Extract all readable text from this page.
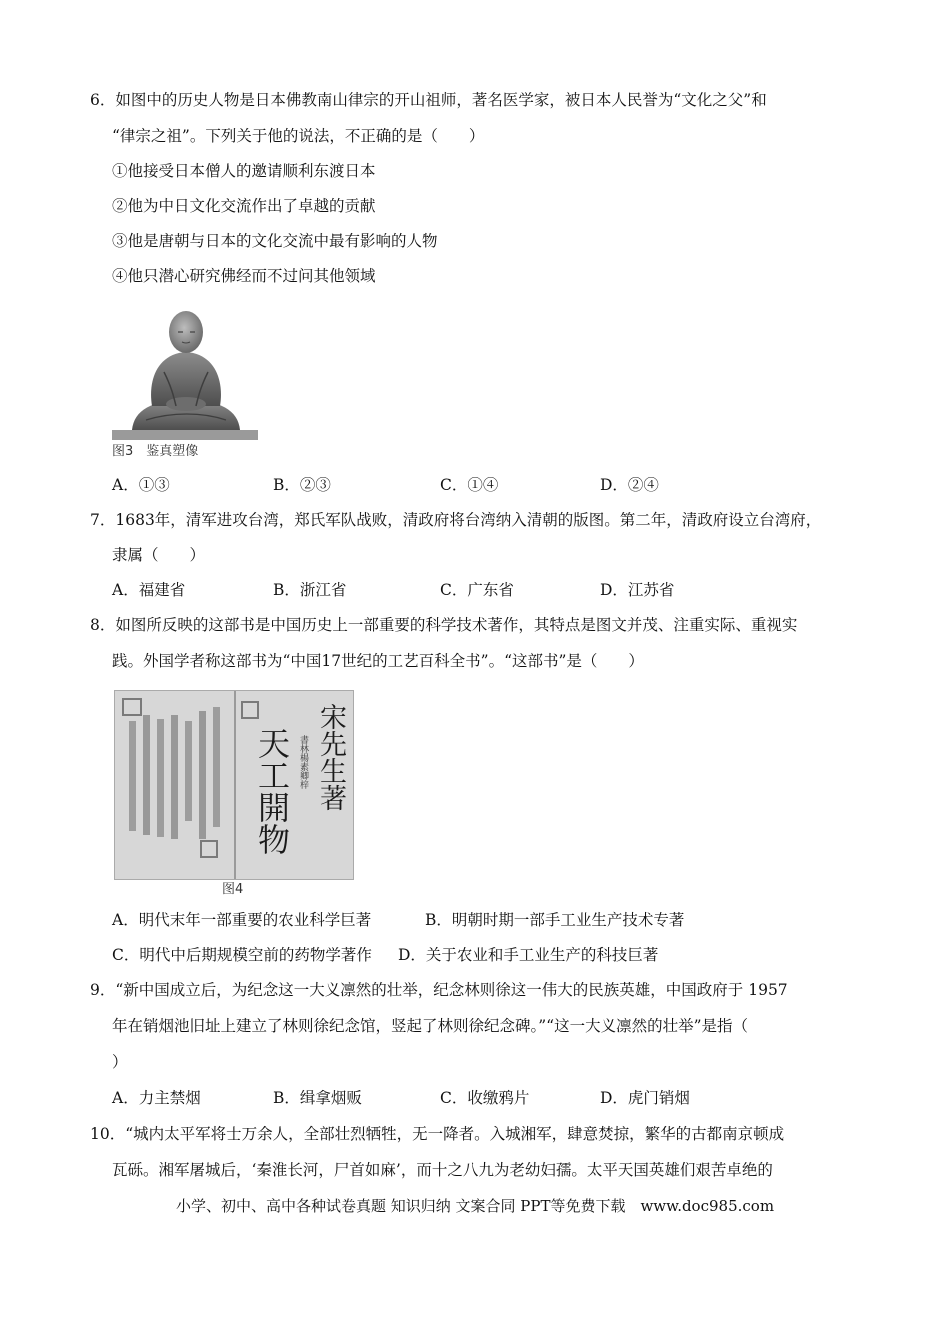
6．如图中的历史人物是日本佛教南山律宗的开山祖师，著名医学家，被日本人民誉为“文化之父”和
“律宗之祖”。下列关于他的说法，不正确的是（　　）
①他接受日本僧人的邀请顺利东渡日本
②他为中日文化交流作出了卓越的贡献
③他是唐朝与日本的文化交流中最有影响的人物
④他只潜心研究佛经而不过问其他领域
图3　鉴真塑像
A．①③	B．②③	C．①④	D．②④
7．1683年，清军进攻台湾，郑氏军队战败，清政府将台湾纳入清朝的版图。第二年，清政府设立台湾府，
隶属（　　）
A．福建省	B．浙江省	C．广东省	D．江苏省
8．如图所反映的这部书是中国历史上一部重要的科学技术著作，其特点是图文并茂、注重实际、重视实
践。外国学者称这部书为“中国17世纪的工艺百科全书”。“这部书”是（　　）
宋先生著
書林楊素卿梓
天工開物
图4
A．明代末年一部重要的农业科学巨著	B．明朝时期一部手工业生产技术专著
C．明代中后期规模空前的药物学著作 D．关于农业和手工业生产的科技巨著
9．“新中国成立后，为纪念这一大义凛然的壮举，纪念林则徐这一伟大的民族英雄，中国政府于 1957
年在销烟池旧址上建立了林则徐纪念馆，竖起了林则徐纪念碑。”“这一大义凛然的壮举”是指（
）
A．力主禁烟	B．缉拿烟贩	C．收缴鸦片	D．虎门销烟
10．“城内太平军将士万余人，全部壮烈牺牲，无一降者。入城湘军，肆意焚掠，繁华的古都南京顿成
瓦砾。湘军屠城后，‘秦淮长河，尸首如麻’，而十之八九为老幼妇孺。太平天国英雄们艰苦卓绝的
小学、初中、高中各种试卷真题 知识归纳 文案合同 PPT等免费下载　www.doc985.com
